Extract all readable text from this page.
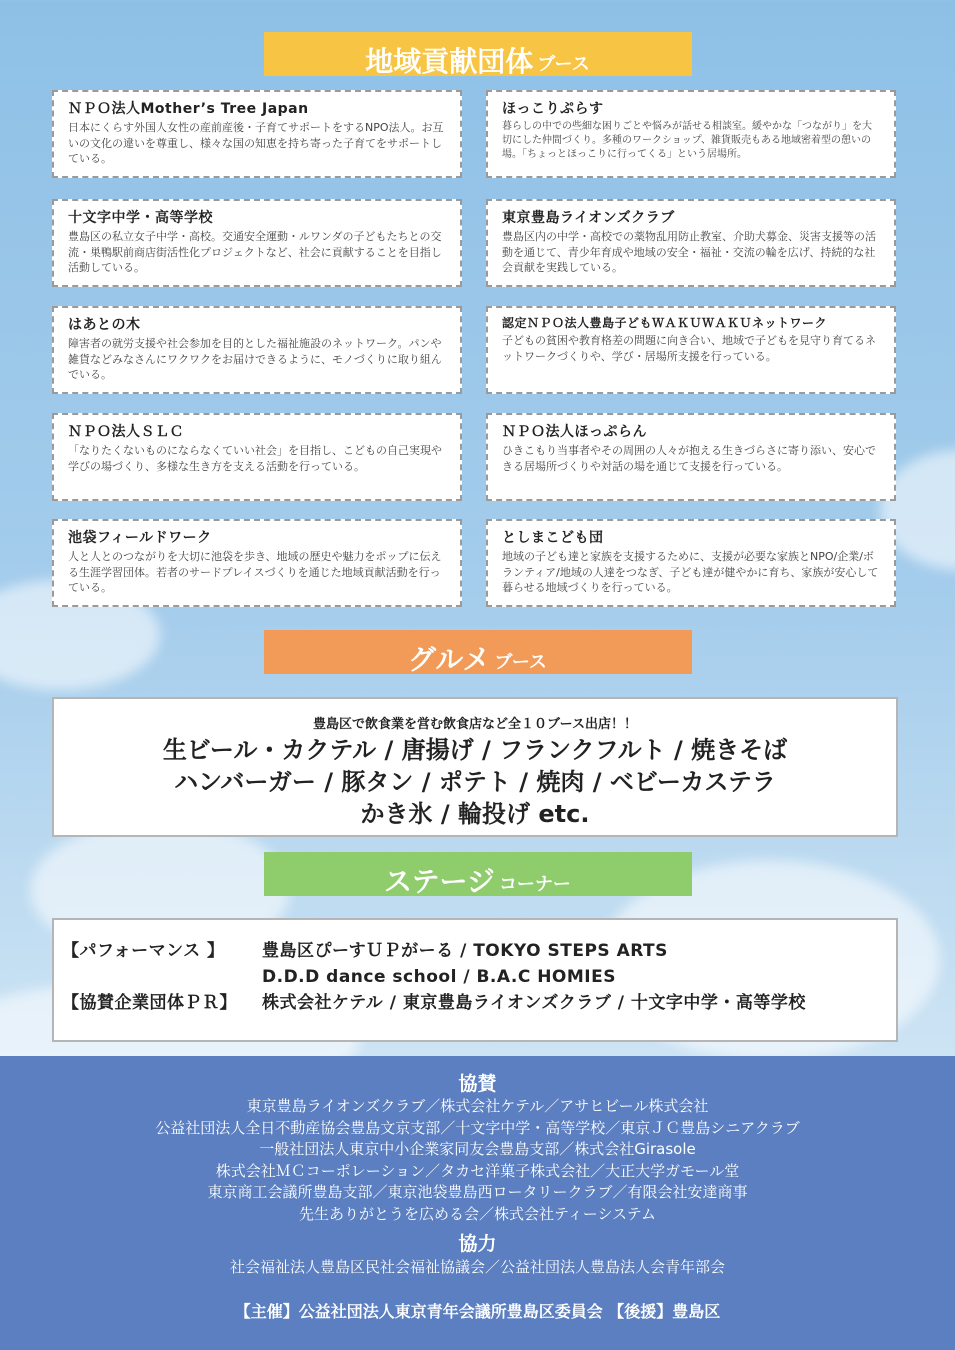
地域貢献団体 ブース
ＮＰＯ法人Mother’s Tree Japan
日本にくらす外国人女性の産前産後・子育てサポートをするNPO法人。お互いの文化の違いを尊重し、様々な国の知恵を持ち寄った子育てをサポートしている。
ほっこりぷらす
暮らしの中での些細な困りごとや悩みが話せる相談室。緩やかな「つながり」を大切にした仲間づくり。多種のワークショップ、雑貨販売もある地域密着型の憩いの場。「ちょっとほっこりに行ってくる」という居場所。
十文字中学・高等学校
豊島区の私立女子中学・高校。交通安全運動・ルワンダの子どもたちとの交流・巣鴨駅前商店街活性化プロジェクトなど、社会に貢献することを目指し活動している。
東京豊島ライオンズクラブ
豊島区内の中学・高校での薬物乱用防止教室、介助犬募金、災害支援等の活動を通じて、青少年育成や地域の安全・福祉・交流の輪を広げ、持続的な社会貢献を実践している。
はあとの木
障害者の就労支援や社会参加を目的とした福祉施設のネットワーク。パンや雑貨などみなさんにワクワクをお届けできるように、モノづくりに取り組んでいる。
認定ＮＰＯ法人豊島子どもＷＡＫＵＷＡＫＵネットワーク
子どもの貧困や教育格差の問題に向き合い、地域で子どもを見守り育てるネットワークづくりや、学び・居場所支援を行っている。
ＮＰＯ法人ＳＬＣ
「なりたくないものにならなくていい社会」を目指し、こどもの自己実現や学びの場づくり、多様な生き方を支える活動を行っている。
ＮＰＯ法人ほっぷらん
ひきこもり当事者やその周囲の人々が抱える生きづらさに寄り添い、安心できる居場所づくりや対話の場を通じて支援を行っている。
池袋フィールドワーク
人と人とのつながりを大切に池袋を歩き、地域の歴史や魅力をポップに伝える生涯学習団体。若者のサードプレイスづくりを通じた地域貢献活動を行っている。
としまこども団
地域の子ども達と家族を支援するために、支援が必要な家族とNPO/企業/ボランティア/地域の人達をつなぎ、子ども達が健やかに育ち、家族が安心して暮らせる地域づくりを行っている。
グルメ ブース
豊島区で飲食業を営む飲食店など全１０ブース出店！！
生ビール・カクテル / 唐揚げ / フランクフルト / 焼きそば
ハンバーガー / 豚タン / ポテト / 焼肉 / ベビーカステラ
かき氷 / 輪投げ etc.
ステージ コーナー
【パフォーマンス 】	豊島区ぴーすＵＰがーる / TOKYO STEPS ARTS
D.D.D dance school / B.A.C HOMIES
【協賛企業団体ＰＲ】	株式会社ケテル / 東京豊島ライオンズクラブ / 十文字中学・高等学校
協賛
東京豊島ライオンズクラブ／株式会社ケテル／アサヒビール株式会社
公益社団法人全日不動産協会豊島文京支部／十文字中学・高等学校／東京ＪＣ豊島シニアクラブ
一般社団法人東京中小企業家同友会豊島支部／株式会社Girasole
株式会社ＭＣコーポレーション／タカセ洋菓子株式会社／大正大学ガモール堂
東京商工会議所豊島支部／東京池袋豊島西ロータリークラブ／有限会社安達商事
先生ありがとうを広める会／株式会社ティーシステム
協力
社会福祉法人豊島区民社会福祉協議会／公益社団法人豊島法人会青年部会
【主催】公益社団法人東京青年会議所豊島区委員会 【後援】豊島区
